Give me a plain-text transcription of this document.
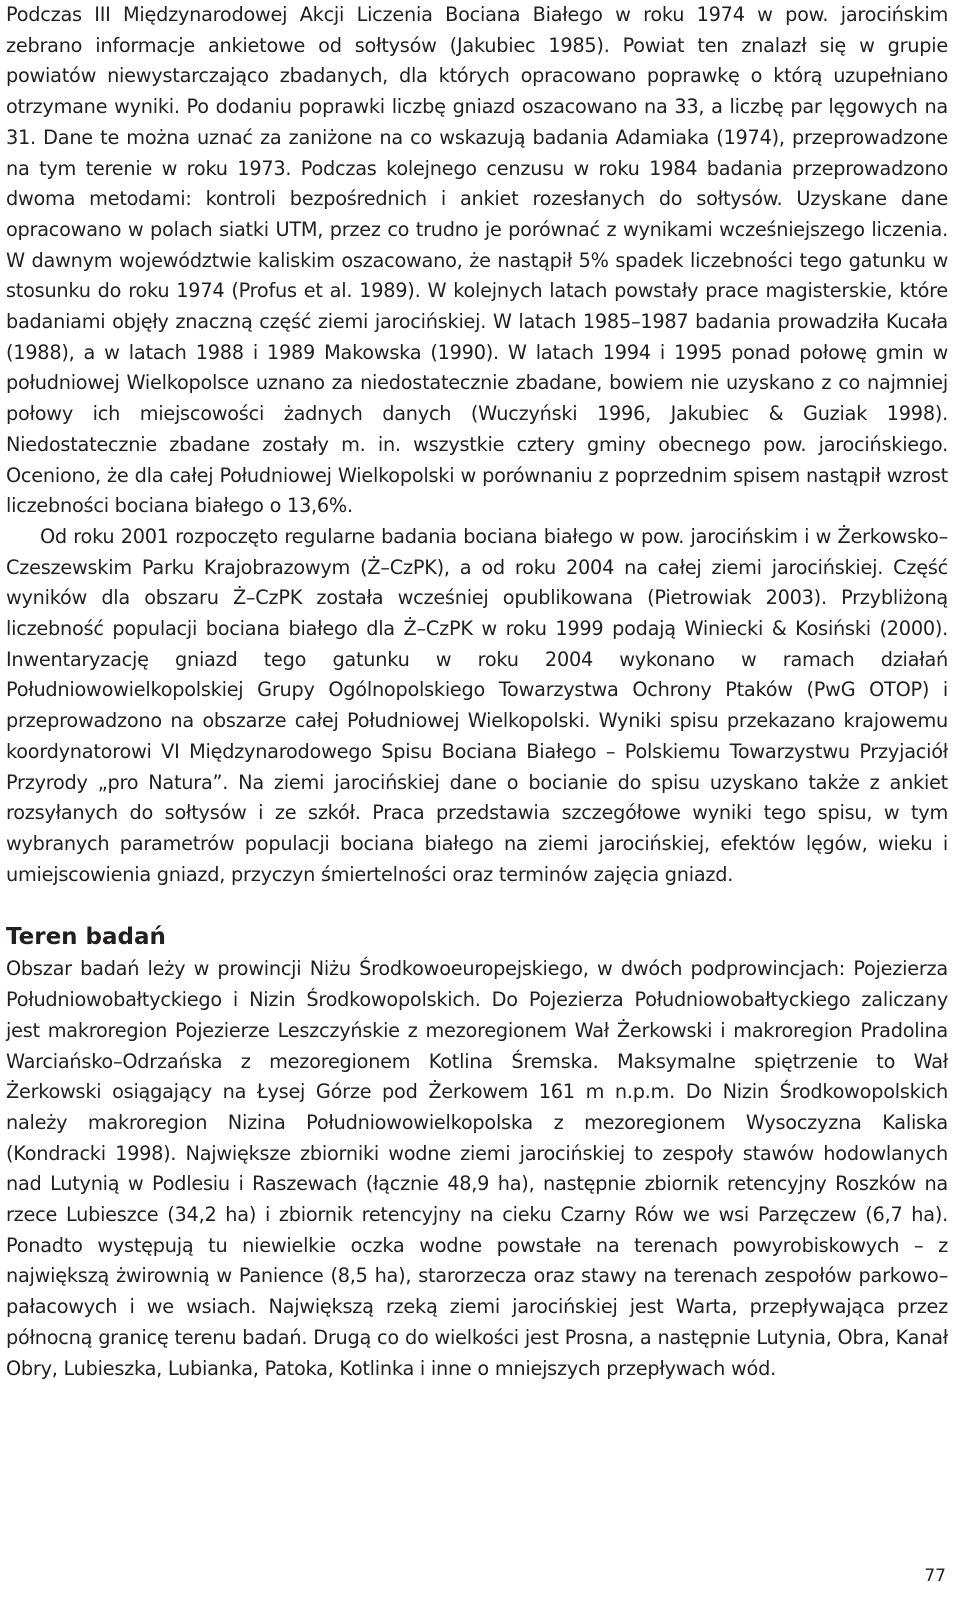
Podczas III Międzynarodowej Akcji Liczenia Bociana Białego w roku 1974 w pow. jarocińskim zebrano informacje ankietowe od sołtysów (Jakubiec 1985). Powiat ten znalazł się w grupie powiatów niewystarczająco zbadanych, dla których opracowano poprawkę o którą uzupełniano otrzymane wyniki. Po dodaniu poprawki liczbę gniazd oszacowano na 33, a liczbę par lęgowych na 31. Dane te można uznać za zaniżone na co wskazują badania Adamiaka (1974), przeprowadzone na tym terenie w roku 1973. Podczas kolejnego cenzusu w roku 1984 badania przeprowadzono dwoma metodami: kontroli bezpośrednich i ankiet rozesłanych do sołtysów. Uzyskane dane opracowano w polach siatki UTM, przez co trudno je porównać z wynikami wcześniejszego liczenia. W dawnym województwie kaliskim oszacowano, że nastąpił 5% spadek liczebności tego gatunku w stosunku do roku 1974 (Profus et al. 1989). W kolejnych latach powstały prace magisterskie, które badaniami objęły znaczną część ziemi jarocińskiej. W latach 1985–1987 badania prowadziła Kucała (1988), a w latach 1988 i 1989 Makowska (1990). W latach 1994 i 1995 ponad połowę gmin w południowej Wielkopolsce uznano za niedostatecznie zbadane, bowiem nie uzyskano z co najmniej połowy ich miejscowości żadnych danych (Wuczyński 1996, Jakubiec & Guziak 1998). Niedostatecznie zbadane zostały m. in. wszystkie cztery gminy obecnego pow. jarocińskiego. Oceniono, że dla całej Południowej Wielkopolski w porównaniu z poprzednim spisem nastąpił wzrost liczebności bociana białego o 13,6%.

Od roku 2001 rozpoczęto regularne badania bociana białego w pow. jarocińskim i w Żerkowsko–Czeszewskim Parku Krajobrazowym (Ż–CzPK), a od roku 2004 na całej ziemi jarocińskiej. Część wyników dla obszaru Ż–CzPK została wcześniej opublikowana (Pietrowiak 2003). Przybliżoną liczebność populacji bociana białego dla Ż–CzPK w roku 1999 podają Winiecki & Kosiński (2000). Inwentaryzację gniazd tego gatunku w roku 2004 wykonano w ramach działań Południowowielkopolskiej Grupy Ogólnopolskiego Towarzystwa Ochrony Ptaków (PwG OTOP) i przeprowadzono na obszarze całej Południowej Wielkopolski. Wyniki spisu przekazano krajowemu koordynatorowi VI Międzynarodowego Spisu Bociana Białego – Polskiemu Towarzystwu Przyjaciół Przyrody „pro Natura”. Na ziemi jarocińskiej dane o bocianie do spisu uzyskano także z ankiet rozsyłanych do sołtysów i ze szkół. Praca przedstawia szczegółowe wyniki tego spisu, w tym wybranych parametrów populacji bociana białego na ziemi jarocińskiej, efektów lęgów, wieku i umiejscowienia gniazd, przyczyn śmiertelności oraz terminów zajęcia gniazd.

Teren badań

Obszar badań leży w prowincji Niżu Środkowoeuropejskiego, w dwóch podprowincjach: Pojezierza Południowobałtyckiego i Nizin Środkowopolskich. Do Pojezierza Południowobałtyckiego zaliczany jest makroregion Pojezierze Leszczyńskie z mezoregionem Wał Żerkowski i makroregion Pradolina Warciańsko–Odrzańska z mezoregionem Kotlina Śremska. Maksymalne spiętrzenie to Wał Żerkowski osiągający na Łysej Górze pod Żerkowem 161 m n.p.m. Do Nizin Środkowopolskich należy makroregion Nizina Południowowielkopolska z mezoregionem Wysoczyzna Kaliska (Kondracki 1998). Największe zbiorniki wodne ziemi jarocińskiej to zespoły stawów hodowlanych nad Lutynią w Podlesiu i Raszewach (łącznie 48,9 ha), następnie zbiornik retencyjny Roszków na rzece Lubieszce (34,2 ha) i zbiornik retencyjny na cieku Czarny Rów we wsi Parzęczew (6,7 ha). Ponadto występują tu niewielkie oczka wodne powstałe na terenach powyrobiskowych – z największą żwirownią w Panience (8,5 ha), starorzecza oraz stawy na terenach zespołów parkowo–pałacowych i we wsiach. Największą rzeką ziemi jarocińskiej jest Warta, przepływająca przez północną granicę terenu badań. Drugą co do wielkości jest Prosna, a następnie Lutynia, Obra, Kanał Obry, Lubieszka, Lubianka, Patoka, Kotlinka i inne o mniejszych przepływach wód.

77
